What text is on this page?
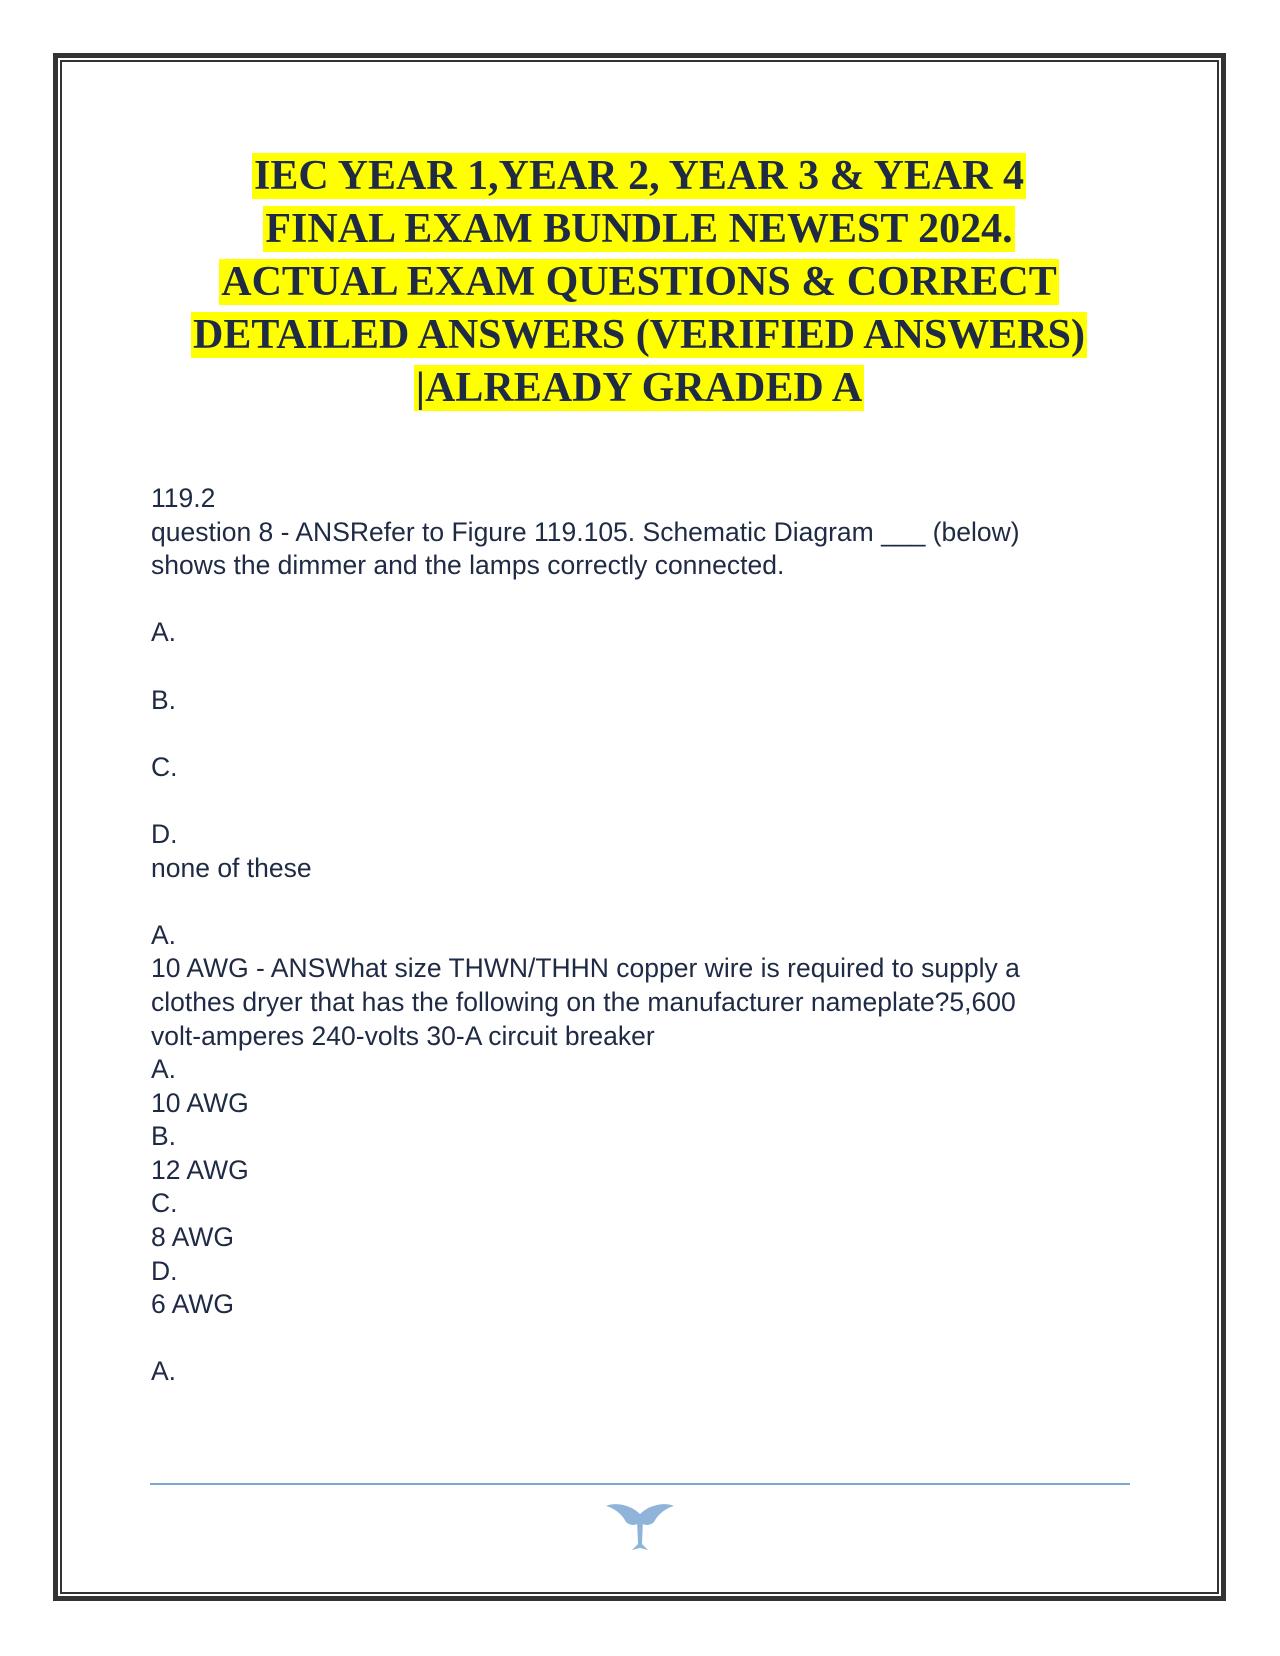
IEC YEAR 1,YEAR 2, YEAR 3 & YEAR 4
FINAL EXAM BUNDLE NEWEST 2024.
ACTUAL EXAM QUESTIONS & CORRECT
DETAILED ANSWERS (VERIFIED ANSWERS)
|ALREADY GRADED A
119.2
question 8 - ANSRefer to Figure 119.105. Schematic Diagram ___ (below)
shows the dimmer and the lamps correctly connected.
A.
B.
C.
D.
none of these
A.
10 AWG - ANSWhat size THWN/THHN copper wire is required to supply a
clothes dryer that has the following on the manufacturer nameplate?5,600
volt-amperes 240-volts 30-A circuit breaker
A.
10 AWG
B.
12 AWG
C.
8 AWG
D.
6 AWG
A.
